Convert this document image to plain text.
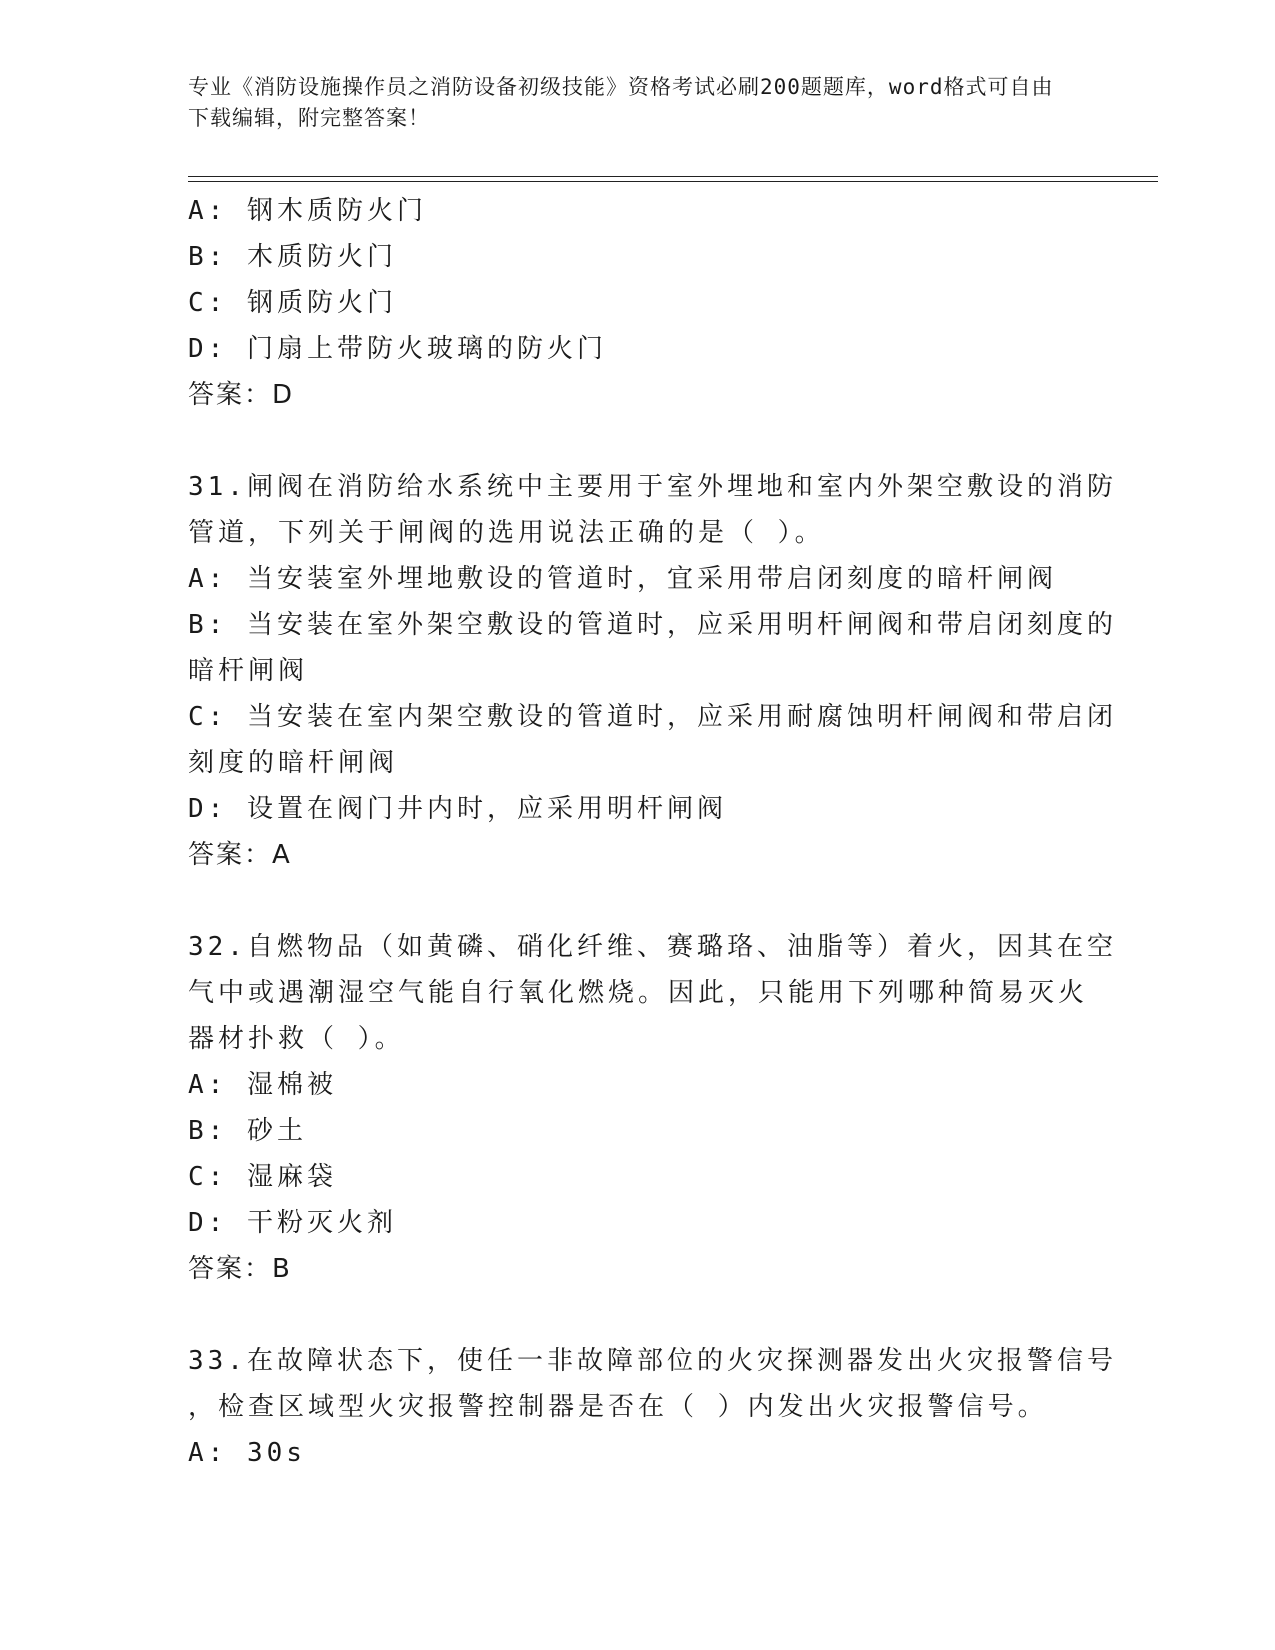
专业《消防设施操作员之消防设备初级技能》资格考试必刷200题题库，word格式可自由下载编辑，附完整答案！
A: 钢木质防火门
B: 木质防火门
C: 钢质防火门
D: 门扇上带防火玻璃的防火门
答案：D
31.闸阀在消防给水系统中主要用于室外埋地和室内外架空敷设的消防
管道，下列关于闸阀的选用说法正确的是（ ）。
A: 当安装室外埋地敷设的管道时，宜采用带启闭刻度的暗杆闸阀
B: 当安装在室外架空敷设的管道时，应采用明杆闸阀和带启闭刻度的
暗杆闸阀
C: 当安装在室内架空敷设的管道时，应采用耐腐蚀明杆闸阀和带启闭
刻度的暗杆闸阀
D: 设置在阀门井内时，应采用明杆闸阀
答案：A
32.自燃物品（如黄磷、硝化纤维、赛璐珞、油脂等）着火，因其在空
气中或遇潮湿空气能自行氧化燃烧。因此，只能用下列哪种简易灭火
器材扑救（ ）。
A: 湿棉被
B: 砂土
C: 湿麻袋
D: 干粉灭火剂
答案：B
33.在故障状态下，使任一非故障部位的火灾探测器发出火灾报警信号
，检查区域型火灾报警控制器是否在（ ）内发出火灾报警信号。
A: 30s
